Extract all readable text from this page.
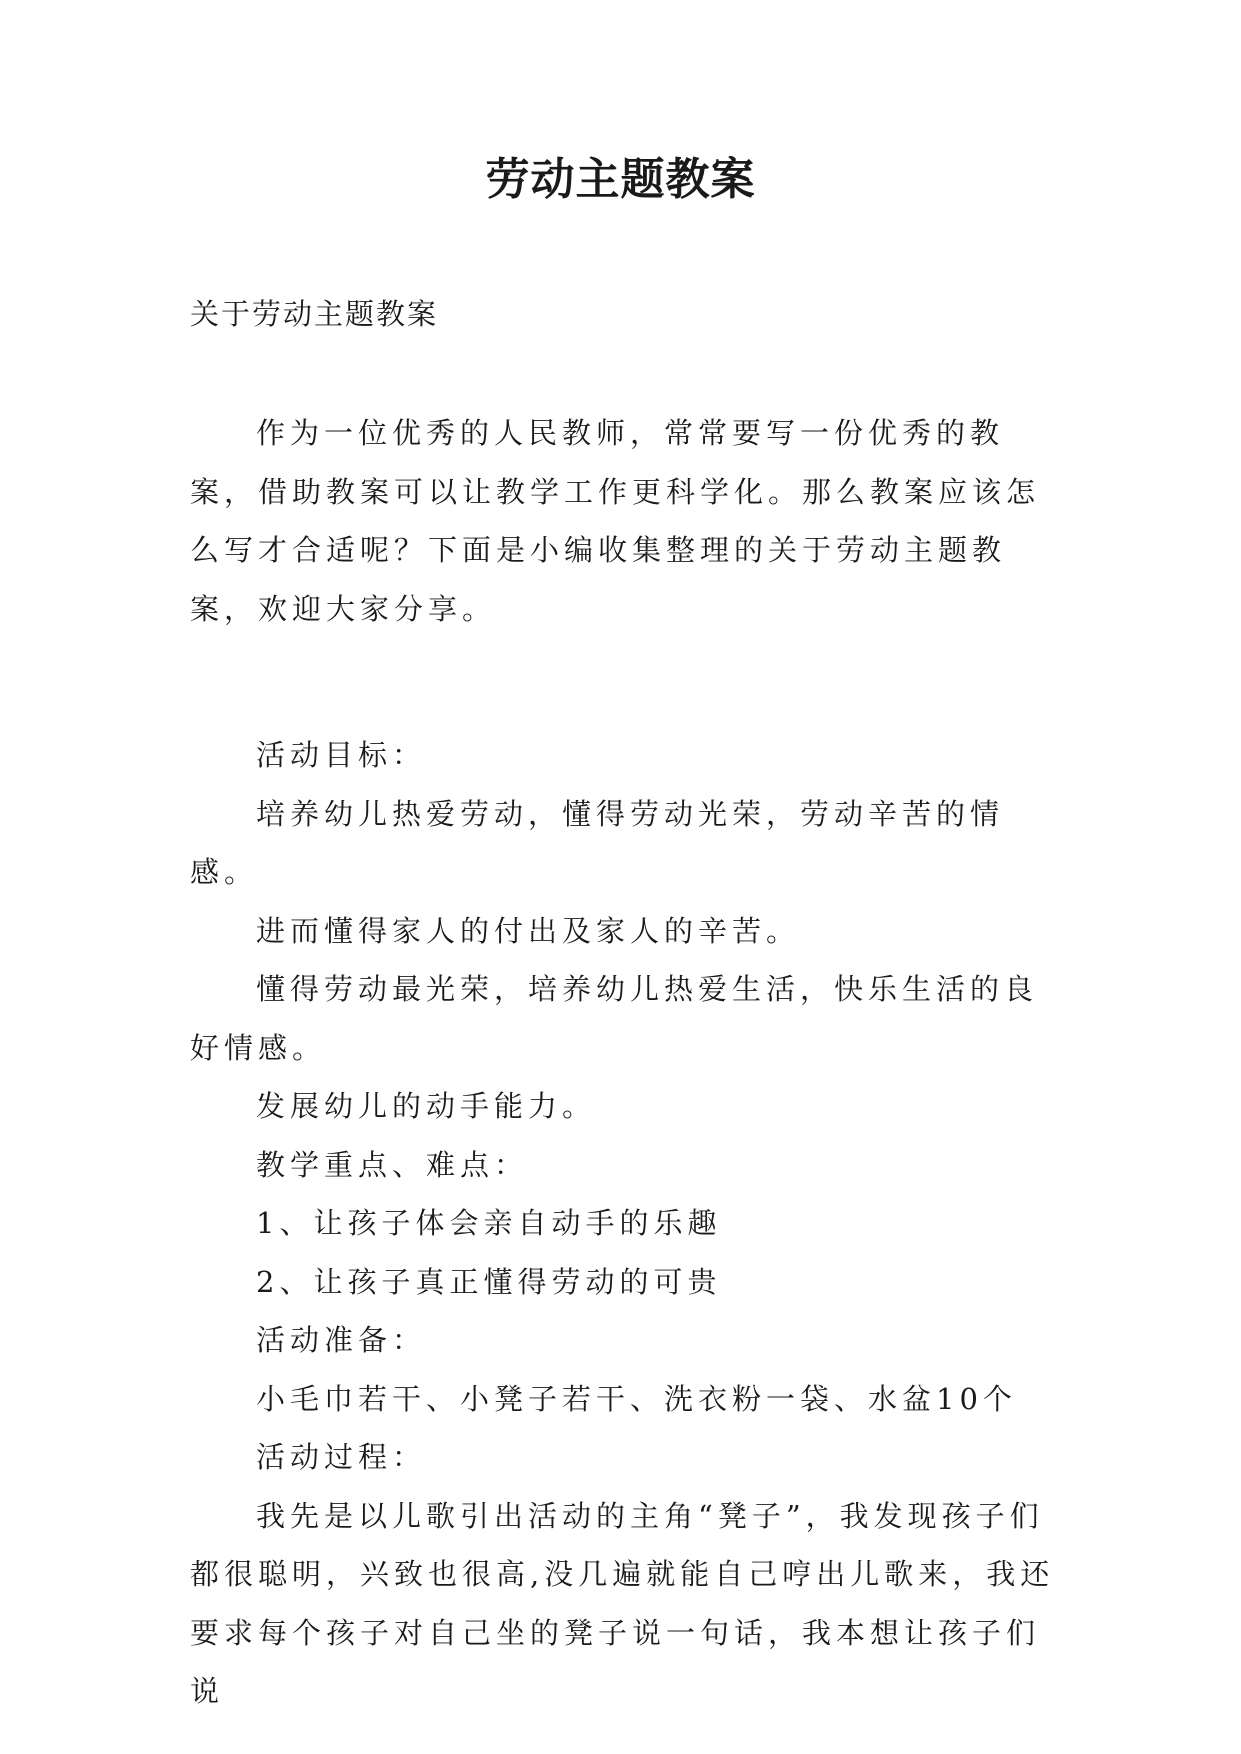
劳动主题教案
关于劳动主题教案

作为一位优秀的人民教师，常常要写一份优秀的教案，借助教案可以让教学工作更科学化。那么教案应该怎么写才合适呢？下面是小编收集整理的关于劳动主题教案，欢迎大家分享。

活动目标：

培养幼儿热爱劳动，懂得劳动光荣，劳动辛苦的情感。

进而懂得家人的付出及家人的辛苦。

懂得劳动最光荣，培养幼儿热爱生活，快乐生活的良好情感。

发展幼儿的动手能力。

教学重点、难点：

1、让孩子体会亲自动手的乐趣

2、让孩子真正懂得劳动的可贵

活动准备：

小毛巾若干、小凳子若干、洗衣粉一袋、水盆10个

活动过程：

我先是以儿歌引出活动的主角“凳子”，我发现孩子们都很聪明，兴致也很高,没几遍就能自己哼出儿歌来，我还要求每个孩子对自己坐的凳子说一句话，我本想让孩子们说
